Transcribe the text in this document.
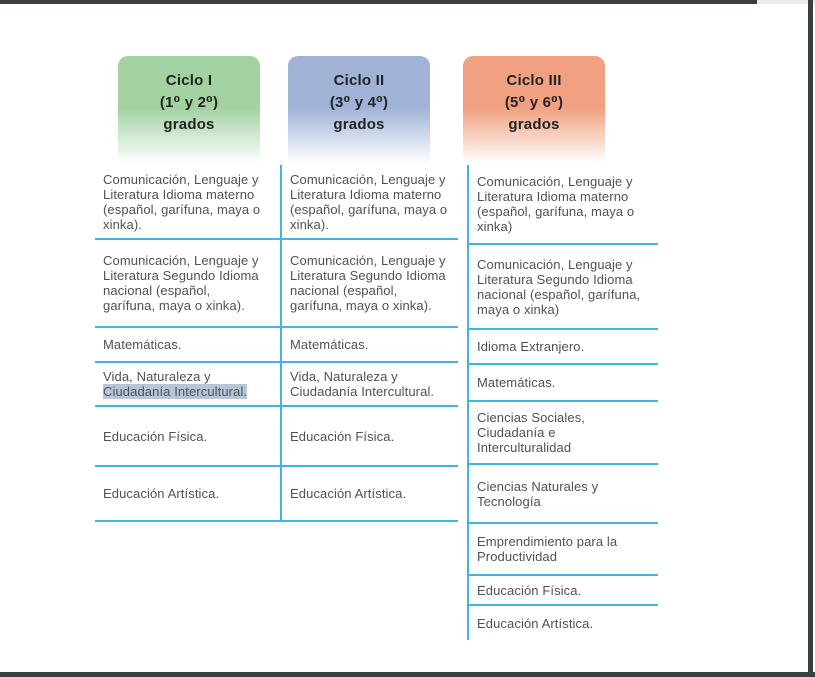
Ciclo I
(1⁰ y 2⁰)
grados
Ciclo II
(3⁰ y 4⁰)
grados
Ciclo III
(5⁰ y 6⁰)
grados
Comunicación, Lenguaje y Literatura Idioma materno (español, garífuna, maya o xinka).
Comunicación, Lenguaje y Literatura Segundo Idioma nacional (español, garífuna, maya o xinka).
Matemáticas.
Vida, Naturaleza y Ciudadanía Intercultural.
Educación Física.
Educación Artística.
Comunicación, Lenguaje y Literatura Idioma materno (español, garífuna, maya o xinka).
Comunicación, Lenguaje y Literatura Segundo Idioma nacional (español, garífuna, maya o xinka).
Matemáticas.
Vida, Naturaleza y Ciudadanía Intercultural.
Educación Física.
Educación Artística.
Comunicación, Lenguaje y Literatura Idioma materno (español, garífuna, maya o xinka)
Comunicación, Lenguaje y Literatura Segundo Idioma nacional (español, garífuna, maya o xinka)
Idioma Extranjero.
Matemáticas.
Ciencias Sociales, Ciudadanía e Interculturalidad
Ciencias Naturales y Tecnología
Emprendimiento para la Productividad
Educación Física.
Educación Artística.
